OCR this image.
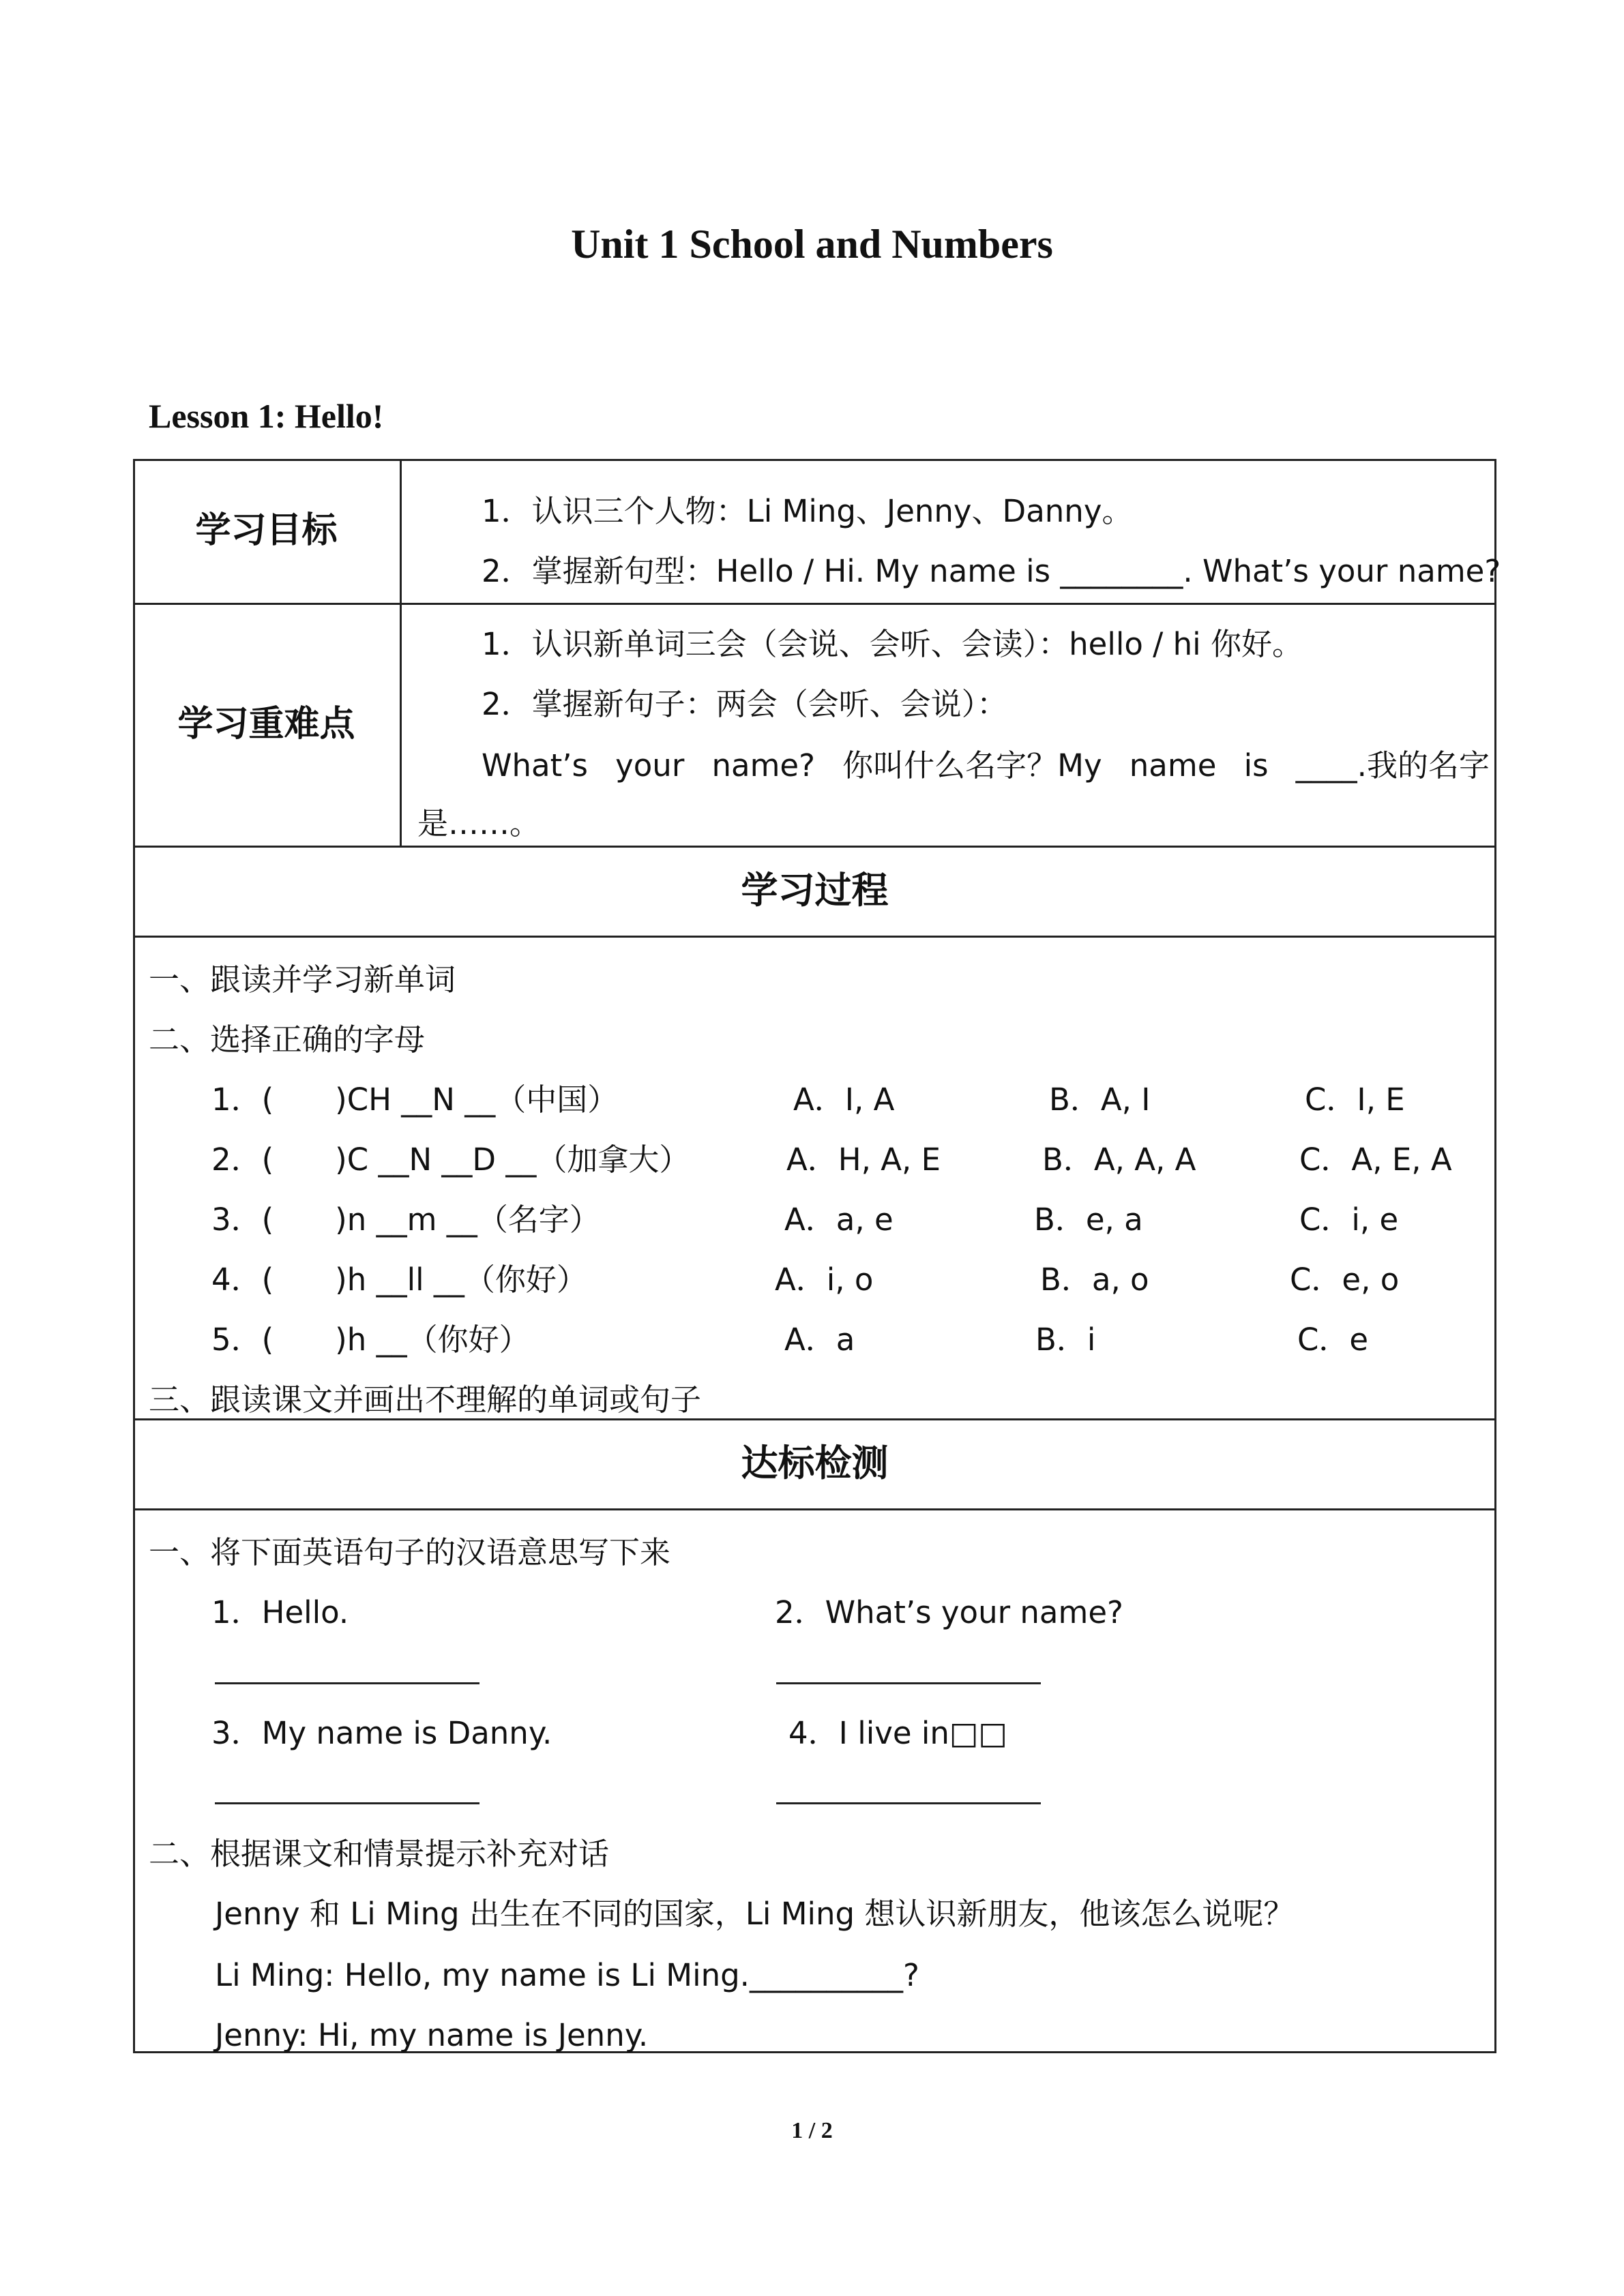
Unit 1 School and Numbers
Lesson 1: Hello!
学习目标	1．认识三个人物：Li Ming、Jenny、Danny。
2．掌握新句型：Hello / Hi. My name is ________. What’s your name?
学习重难点
1．认识新单词三会（会说、会听、会读）：hello / hi 你好。
2．掌握新句子：两会（会听、会说）：
What’s your name? 你叫什么名字？My name is ____.我的名字
是……。
学习过程
一、跟读并学习新单词
二、选择正确的字母
1．(　　)CH __N __（中国）	A．I, A	B．A, I	C．I, E
2．(　　)C __N __D __（加拿大）	A．H, A, E	B．A, A, A	C．A, E, A
3．(　　)n __m __（名字）	A．a, e	B．e, a	C．i, e
4．(　　)h __ll __（你好）	A．i, o	B．a, o	C．e, o
5．(　　)h __（你好）	A．a	B．i	C．e
三、跟读课文并画出不理解的单词或句子
达标检测
一、将下面英语句子的汉语意思写下来
1．Hello.	2．What’s your name?
3．My name is Danny.	4．I live in□□
二、根据课文和情景提示补充对话
Jenny 和 Li Ming 出生在不同的国家，Li Ming 想认识新朋友，他该怎么说呢？
Li Ming: Hello, my name is Li Ming.__________?
Jenny: Hi, my name is Jenny.
1 / 2
